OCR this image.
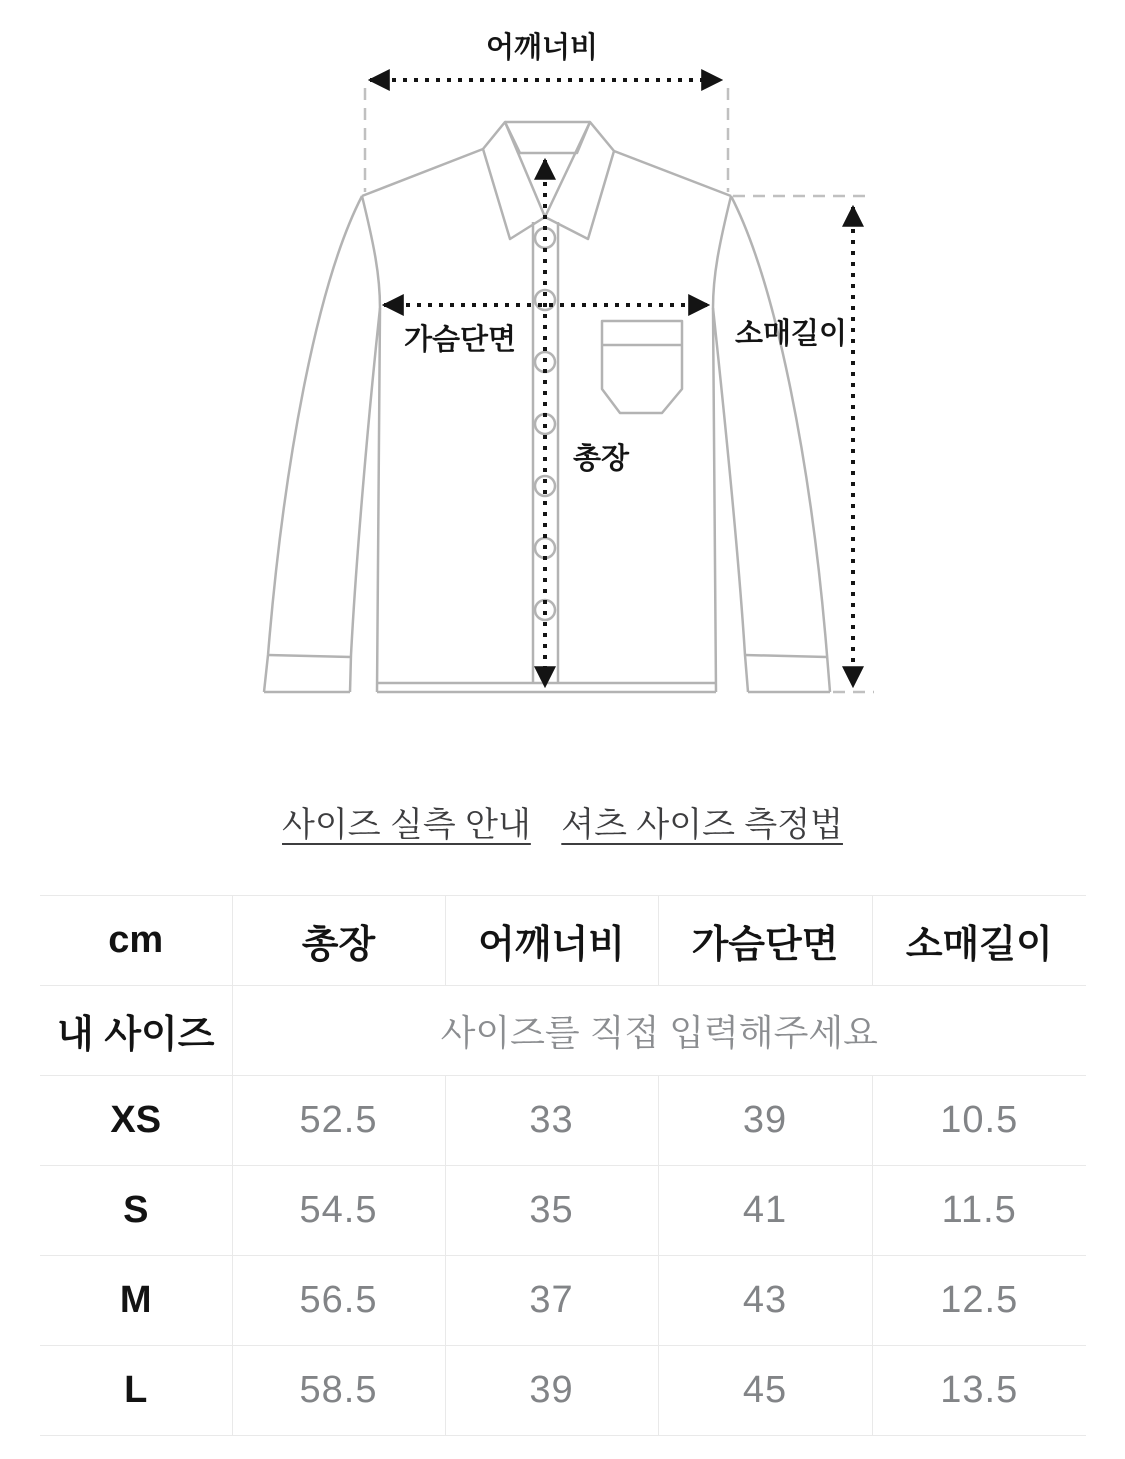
어깨너비
가슴단면
총장
소매길이
사이즈 실측 안내 셔츠 사이즈 측정법
cm	총장	어깨너비	가슴단면	소매길이
내 사이즈	사이즈를 직접 입력해주세요			
XS	52.5	33	39	10.5
S	54.5	35	41	11.5
M	56.5	37	43	12.5
L	58.5	39	45	13.5
